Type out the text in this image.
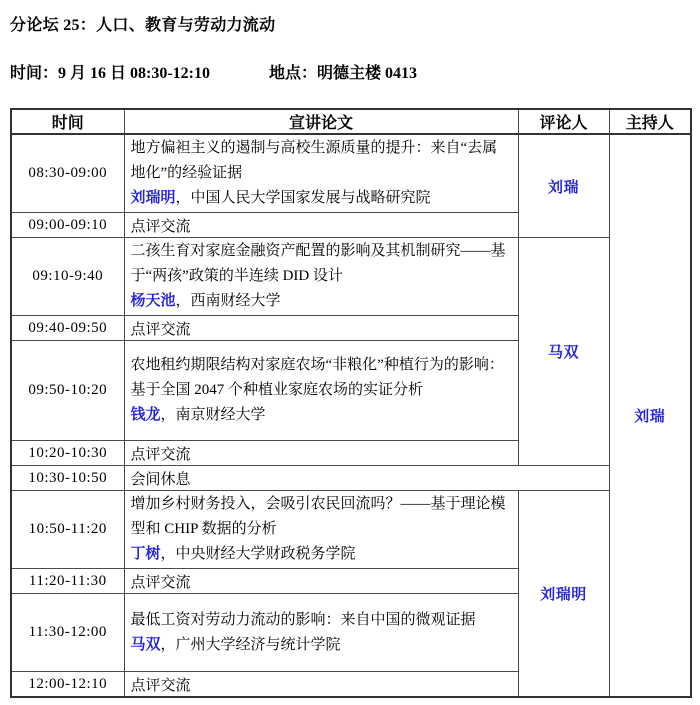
分论坛 25：人口、教育与劳动力流动
时间：9 月 16 日 08:30-12:10	地点：明德主楼 0413
时间	宣讲论文	评论人	主持人
08:30-09:00	地方偏袒主义的遏制与高校生源质量的提升：来自“去属地化”的经验证据
刘瑞明，中国人民大学国家发展与战略研究院	刘瑞	刘瑞
09:00-09:10	点评交流		
09:10-9:40	二孩生育对家庭金融资产配置的影响及其机制研究——基于“两孩”政策的半连续 DID 设计
杨天池，西南财经大学	马双	
09:40-09:50	点评交流		
09:50-10:20	农地租约期限结构对家庭农场“非粮化”种植行为的影响：基于全国 2047 个种植业家庭农场的实证分析
钱龙，南京财经大学		
10:20-10:30	点评交流		
10:30-10:50	会间休息		
10:50-11:20	增加乡村财务投入，会吸引农民回流吗？——基于理论模型和 CHIP 数据的分析
丁树，中央财经大学财政税务学院	刘瑞明	
11:20-11:30	点评交流		
11:30-12:00	最低工资对劳动力流动的影响：来自中国的微观证据
马双，广州大学经济与统计学院		
12:00-12:10	点评交流		
